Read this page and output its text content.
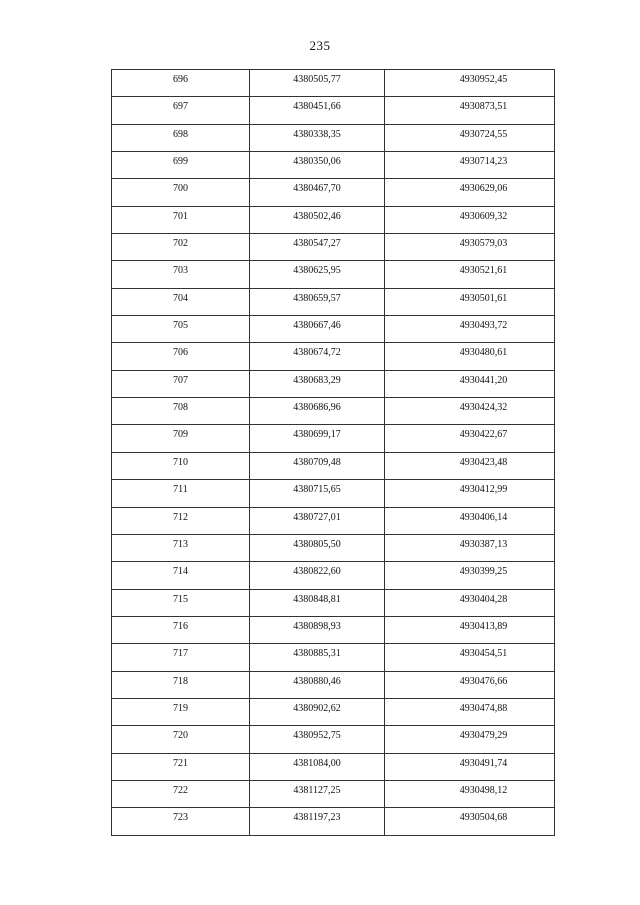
235
696	4380505,77	4930952,45
697	4380451,66	4930873,51
698	4380338,35	4930724,55
699	4380350,06	4930714,23
700	4380467,70	4930629,06
701	4380502,46	4930609,32
702	4380547,27	4930579,03
703	4380625,95	4930521,61
704	4380659,57	4930501,61
705	4380667,46	4930493,72
706	4380674,72	4930480,61
707	4380683,29	4930441,20
708	4380686,96	4930424,32
709	4380699,17	4930422,67
710	4380709,48	4930423,48
711	4380715,65	4930412,99
712	4380727,01	4930406,14
713	4380805,50	4930387,13
714	4380822,60	4930399,25
715	4380848,81	4930404,28
716	4380898,93	4930413,89
717	4380885,31	4930454,51
718	4380880,46	4930476,66
719	4380902,62	4930474,88
720	4380952,75	4930479,29
721	4381084,00	4930491,74
722	4381127,25	4930498,12
723	4381197,23	4930504,68
